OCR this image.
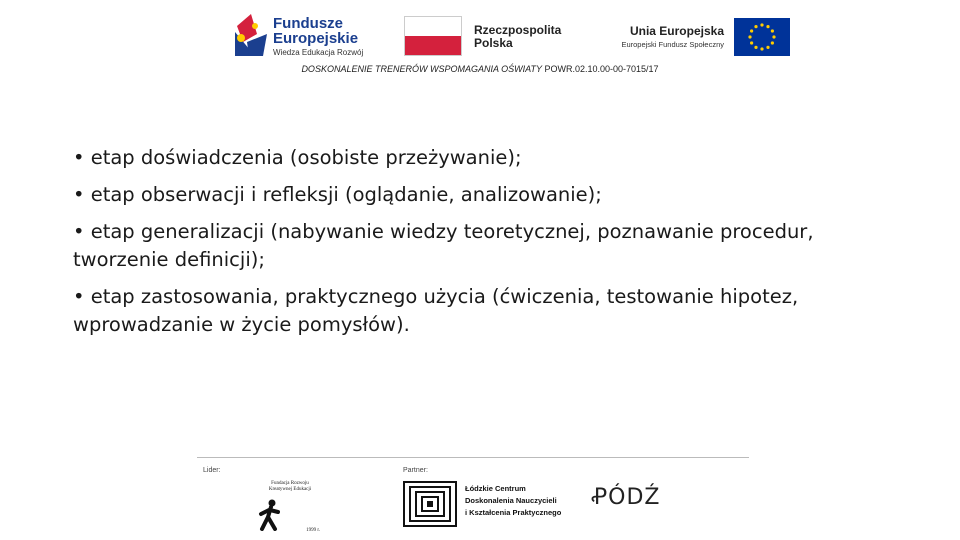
Fundusze
Europejskie
Wiedza Edukacja Rozwój
Rzeczpospolita
Polska
Unia Europejska
Europejski Fundusz Społeczny
DOSKONALENIE TRENERÓW WSPOMAGANIA OŚWIATY POWR.02.10.00-00-7015/17

• etap doświadczenia (osobiste przeżywanie);

• etap obserwacji i refleksji (oglądanie, analizowanie);

• etap generalizacji (nabywanie wiedzy teoretycznej, poznawanie procedur, tworzenie definicji);

• etap zastosowania, praktycznego użycia (ćwiczenia, testowanie hipotez, wprowadzanie w życie pomysłów).

Lider:	Partner:
Fundacja Rozwoju Kreatywnej Edukacji
1999 r.
Łódzkie Centrum
Doskonalenia Nauczycieli
i Kształcenia Praktycznego
ꝒÓDŹ
